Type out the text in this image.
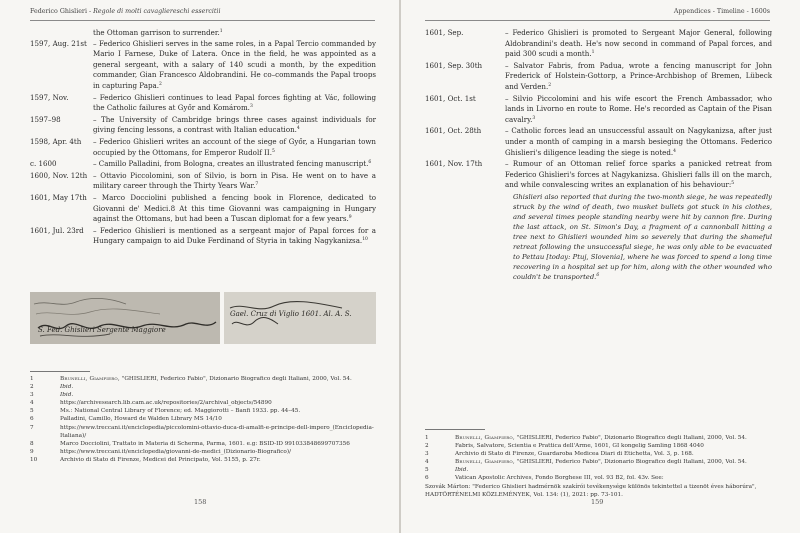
Federico Ghislieri - Regole di molti cavagliereschi essercitii
the Ottoman garrison to surrender.$^1$
1597, Aug. 21st – Federico Ghislieri serves in the same roles, in a Papal Tercio commanded by Mario I Farnese, Duke of Latera. Once in the field, he was appointed as a general sergeant, with a salary of 140 scudi a month, by the expedition commander, Gian Francesco Aldobrandini. He co–commands the Papal troops in capturing Papa.$^2$
1597, Nov.	– Federico Ghislieri continues to lead Papal forces fighting at Vác, following the Catholic failures at Győr and Komárom.$^3$
1597–98	– The University of Cambridge brings three cases against individuals for giving fencing lessons, a contrast with Italian education.$^4$
1598, Apr. 4th	– Federico Ghislieri writes an account of the siege of Győr, a Hungarian town occupied by the Ottomans, for Emperor Rudolf II.$^5$
c. 1600	– Camillo Palladini, from Bologna, creates an illustrated fencing manuscript.$^6$
1600, Nov. 12th – Ottavio Piccolomini, son of Silvio, is born in Pisa. He went on to have a military career through the Thirty Years War.$^7$
1601, May 17th – Marco Docciolini published a fencing book in Florence, dedicated to Giovanni de' Medici.8 At this time Giovanni was campaigning in Hungary against the Ottomans, but had been a Tuscan diplomat for a few years.$^9$
1601, Jul. 23rd	– Federico Ghislieri is mentioned as a sergeant major of Papal forces for a Hungary campaign to aid Duke Ferdinand of Styria in taking Nagykanizsa.$^{10}$
S. Fed. Ghislieri Sergente Maggiore
Gael. Cruz di Viglio 1601. Al. A. S.
1	Brunelli, Giampiero, "GHISLIERI, Federico Fabio", Dizionario Biografico degli Italiani, 2000, Vol. 54.
2	Ibid.
3	Ibid.
4	https://archivesearch.lib.cam.ac.uk/repositories/2/archival_objects/54890
5	Ms.: National Central Library of Florence; ed. Maggiorotti – Banfi 1933. pp. 44–45.
6	Palladini, Camillo, Howard de Walden Library MS 14/10
7	https://www.treccani.it/enciclopedia/piccolomini-ottavio-duca-di-amalfi-e-principe-dell-impero_(Enciclopedia-Italiana)/
8	Marco Docciolini, Trattato in Materia di Scherma, Parma, 1601. e.g: BSID-ID 991033848699707356
9	https://www.treccani.it/enciclopedia/giovanni-de-medici_(Dizionario-Biografico)/
10	Archivio di Stato di Firenze, Medicei del Principato, Vol. 5155, p. 27r.
158
Appendices - Timeline - 1600s
1601, Sep.	– Federico Ghislieri is promoted to Sergeant Major General, following Aldobrandini's death. He's now second in command of Papal forces, and paid 300 scudi a month.$^1$
1601, Sep. 30th	– Salvator Fabris, from Padua, wrote a fencing manuscript for John Frederick of Holstein-Gottorp, a Prince-Archbishop of Bremen, Lübeck and Verden.$^2$
1601, Oct. 1st	– Silvio Piccolomini and his wife escort the French Ambassador, who lands in Livorno en route to Rome. He's recorded as Captain of the Pisan cavalry.$^3$
1601, Oct. 28th	– Catholic forces lead an unsuccessful assault on Nagykanizsa, after just under a month of camping in a marsh besieging the Ottomans. Federico Ghislieri's diligence leading the siege is noted.$^4$
1601, Nov. 17th	– Rumour of an Ottoman relief force sparks a panicked retreat from Federico Ghislieri's forces at Nagykanizsa. Ghislieri falls ill on the march, and while convalescing writes an explanation of his behaviour:$^5$
Ghislieri also reported that during the two-month siege, he was repeatedly struck by the wind of death, two musket bullets got stuck in his clothes, and several times people standing nearby were hit by cannon fire. During the last attack, on St. Simon's Day, a fragment of a cannonball hitting a tree next to Ghislieri wounded him so severely that during the shameful retreat following the unsuccessful siege, he was only able to be evacuated to Pettau [today: Ptuj, Slovenia], where he was forced to spend a long time recovering in a hospital set up for him, along with the other wounded who couldn't be transported.$^6$
1	Brunelli, Giampiero, "GHISLIERI, Federico Fabio", Dizionario Biografico degli Italiani, 2000, Vol. 54.
2	Fabris, Salvatore, Scientia e Prattica dell'Arme, 1601, GI kongelig Samling 1868 4040
3	Archivio di Stato di Firenze, Guardaroba Medicea Diari di Etichetta, Vol. 3, p. 168.
4	Brunelli, Giampiero, "GHISLIERI, Federico Fabio", Dizionario Biografico degli Italiani, 2000, Vol. 54.
5	Ibid.
6	Vatican Apostolic Archives, Fondo Borghese III, vol. 93 B2, fol. 43v. See:
Szovák Márton: "Federico Ghislieri hadmérnök szakírói tevékenysége különös tekintettel a tizenöt éves háborúra", HADTÖRTÉNELMI KÖZLEMÉNYEK, Vol. 134: (1), 2021: pp. 73-101.
159
